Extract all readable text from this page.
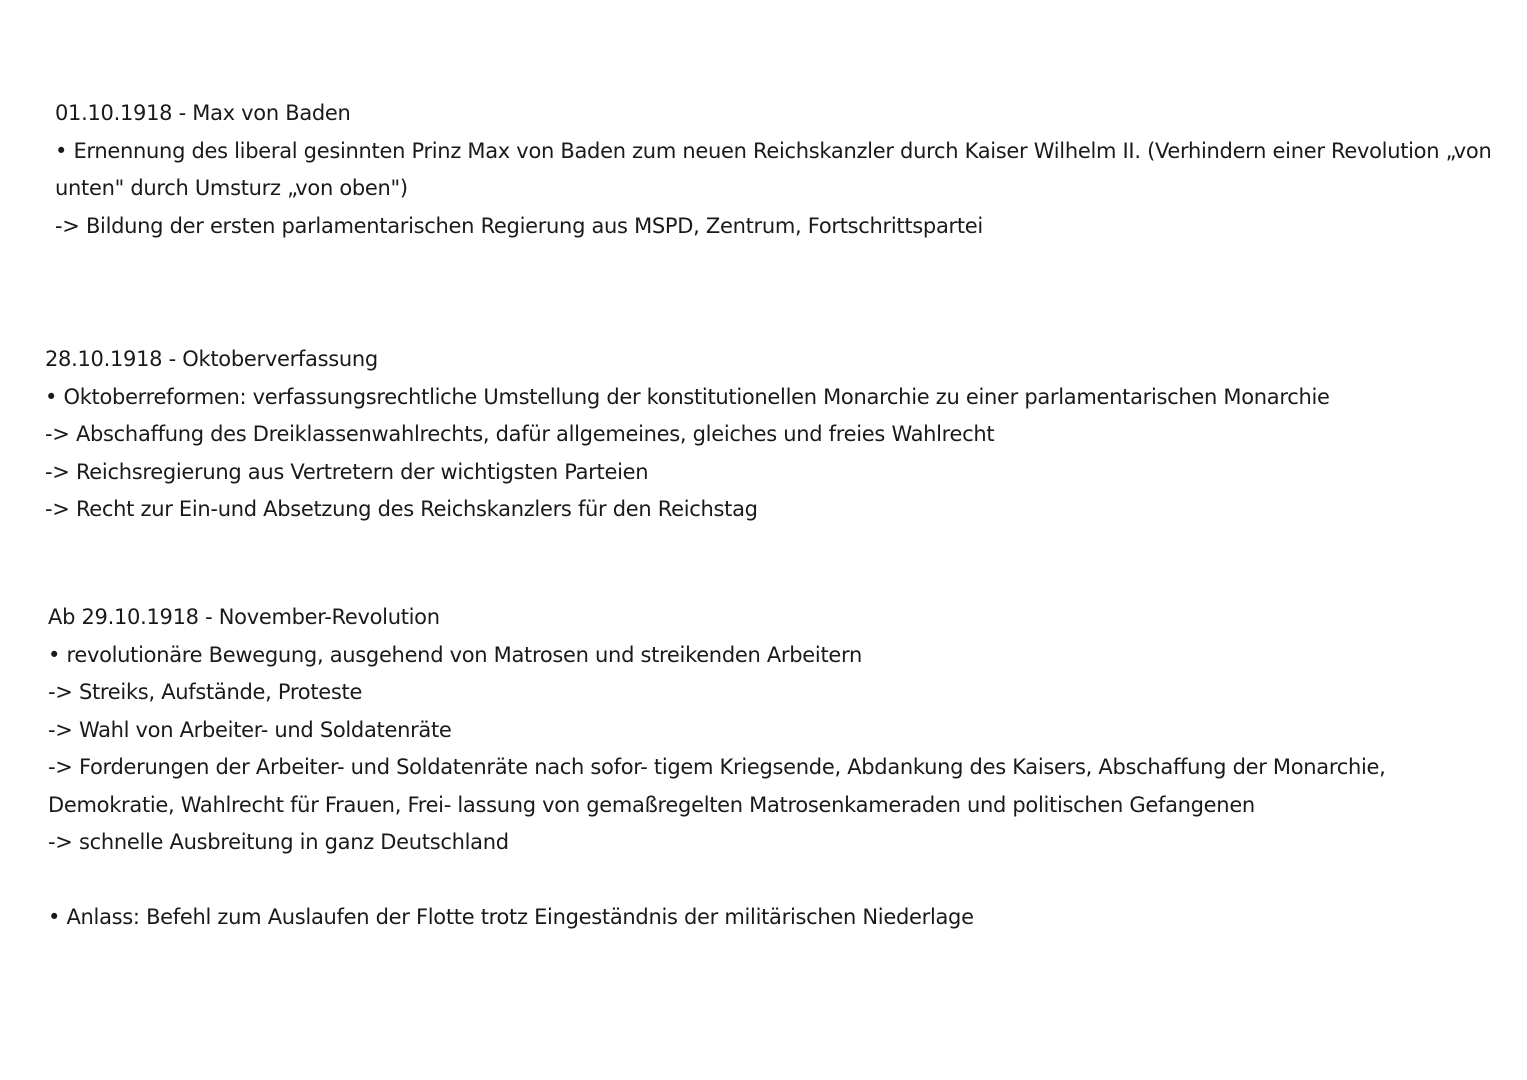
01.10.1918 - Max von Baden
• Ernennung des liberal gesinnten Prinz Max von Baden zum neuen Reichskanzler durch Kaiser Wilhelm II. (Verhindern einer Revolution „von
unten" durch Umsturz „von oben")
-> Bildung der ersten parlamentarischen Regierung aus MSPD, Zentrum, Fortschrittspartei
28.10.1918 - Oktoberverfassung
• Oktoberreformen: verfassungsrechtliche Umstellung der konstitutionellen Monarchie zu einer parlamentarischen Monarchie
-> Abschaffung des Dreiklassenwahlrechts, dafür allgemeines, gleiches und freies Wahlrecht
-> Reichsregierung aus Vertretern der wichtigsten Parteien
-> Recht zur Ein-und Absetzung des Reichskanzlers für den Reichstag
Ab 29.10.1918 - November-Revolution
• revolutionäre Bewegung, ausgehend von Matrosen und streikenden Arbeitern
-> Streiks, Aufstände, Proteste
-> Wahl von Arbeiter- und Soldatenräte
-> Forderungen der Arbeiter- und Soldatenräte nach sofor- tigem Kriegsende, Abdankung des Kaisers, Abschaffung der Monarchie,
Demokratie, Wahlrecht für Frauen, Frei- lassung von gemaßregelten Matrosenkameraden und politischen Gefangenen
-> schnelle Ausbreitung in ganz Deutschland
• Anlass: Befehl zum Auslaufen der Flotte trotz Eingeständnis der militärischen Niederlage
